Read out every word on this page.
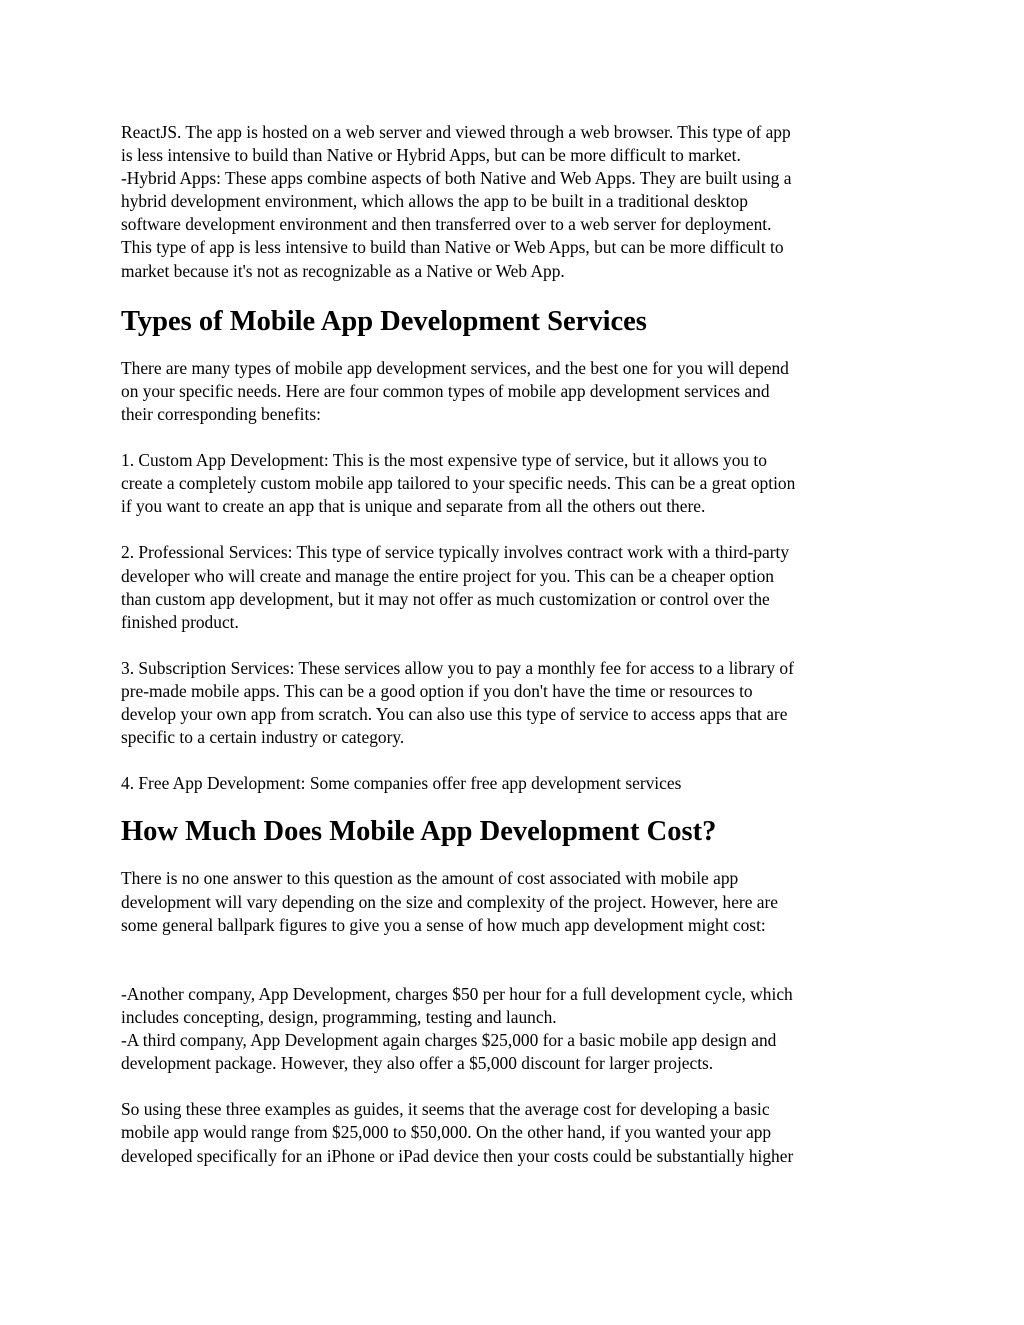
ReactJS. The app is hosted on a web server and viewed through a web browser. This type of app
is less intensive to build than Native or Hybrid Apps, but can be more difficult to market.
-Hybrid Apps: These apps combine aspects of both Native and Web Apps. They are built using a
hybrid development environment, which allows the app to be built in a traditional desktop
software development environment and then transferred over to a web server for deployment.
This type of app is less intensive to build than Native or Web Apps, but can be more difficult to
market because it's not as recognizable as a Native or Web App.

Types of Mobile App Development Services

There are many types of mobile app development services, and the best one for you will depend
on your specific needs. Here are four common types of mobile app development services and
their corresponding benefits:

1. Custom App Development: This is the most expensive type of service, but it allows you to
create a completely custom mobile app tailored to your specific needs. This can be a great option
if you want to create an app that is unique and separate from all the others out there.

2. Professional Services: This type of service typically involves contract work with a third-party
developer who will create and manage the entire project for you. This can be a cheaper option
than custom app development, but it may not offer as much customization or control over the
finished product.

3. Subscription Services: These services allow you to pay a monthly fee for access to a library of
pre-made mobile apps. This can be a good option if you don't have the time or resources to
develop your own app from scratch. You can also use this type of service to access apps that are
specific to a certain industry or category.

4. Free App Development: Some companies offer free app development services

How Much Does Mobile App Development Cost?

There is no one answer to this question as the amount of cost associated with mobile app
development will vary depending on the size and complexity of the project. However, here are
some general ballpark figures to give you a sense of how much app development might cost:

-Another company, App Development, charges $50 per hour for a full development cycle, which
includes concepting, design, programming, testing and launch.
-A third company, App Development again charges $25,000 for a basic mobile app design and
development package. However, they also offer a $5,000 discount for larger projects.

So using these three examples as guides, it seems that the average cost for developing a basic
mobile app would range from $25,000 to $50,000. On the other hand, if you wanted your app
developed specifically for an iPhone or iPad device then your costs could be substantially higher
